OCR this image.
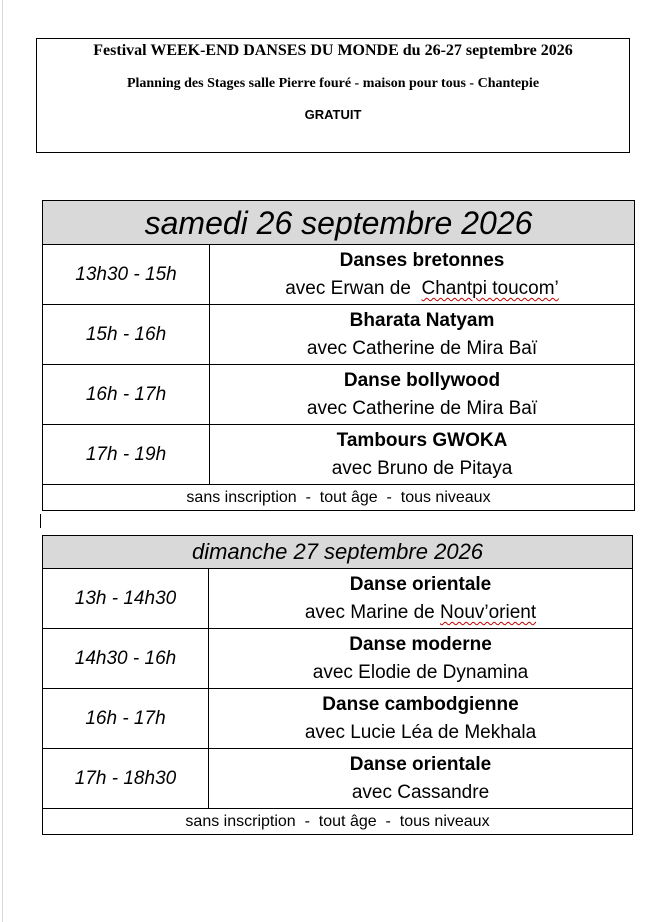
Festival WEEK-END DANSES DU MONDE du 26-27 septembre 2026
Planning des Stages salle Pierre fouré - maison pour tous - Chantepie
GRATUIT
samedi 26 septembre 2026	
13h30 - 15h	Danses bretonnes
avec Erwan de  Chantpi toucom’

15h - 16h	Bharata Natyam
avec Catherine de Mira Baï

16h - 17h	Danse bollywood
avec Catherine de Mira Baï

17h - 19h	Tambours GWOKA
avec Bruno de Pitaya

sans inscription  -  tout âge  -  tous niveaux	
dimanche 27 septembre 2026	
13h - 14h30	Danse orientale
avec Marine de Nouv’orient

14h30 - 16h	Danse moderne
avec Elodie de Dynamina

16h - 17h	Danse cambodgienne
avec Lucie Léa de Mekhala

17h - 18h30	Danse orientale
avec Cassandre

sans inscription  -  tout âge  -  tous niveaux	
